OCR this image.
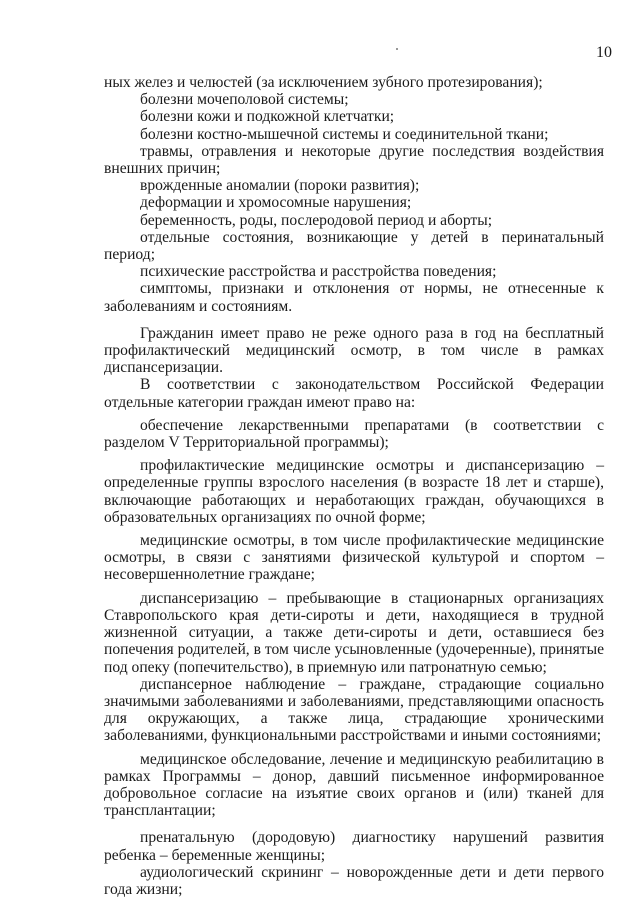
10

ных желез и челюстей (за исключением зубного протезирования);

болезни мочеполовой системы;

болезни кожи и подкожной клетчатки;

болезни костно-мышечной системы и соединительной ткани;

травмы, отравления и некоторые другие последствия воздействия внешних причин;

врожденные аномалии (пороки развития);

деформации и хромосомные нарушения;

беременность, роды, послеродовой период и аборты;

отдельные состояния, возникающие у детей в перинатальный период;

психические расстройства и расстройства поведения;

симптомы, признаки и отклонения от нормы, не отнесенные к заболеваниям и состояниям.

Гражданин имеет право не реже одного раза в год на бесплатный профилактический медицинский осмотр, в том числе в рамках диспансеризации.

В соответствии с законодательством Российской Федерации отдельные категории граждан имеют право на:

обеспечение лекарственными препаратами (в соответствии с разделом V Территориальной программы);

профилактические медицинские осмотры и диспансеризацию – определенные группы взрослого населения (в возрасте 18 лет и старше), включающие работающих и неработающих граждан, обучающихся в образовательных организациях по очной форме;

медицинские осмотры, в том числе профилактические медицинские осмотры, в связи с занятиями физической культурой и спортом – несовершеннолетние граждане;

диспансеризацию – пребывающие в стационарных организациях Ставропольского края дети-сироты и дети, находящиеся в трудной жизненной ситуации, а также дети-сироты и дети, оставшиеся без попечения родителей, в том числе усыновленные (удочеренные), принятые под опеку (попечительство), в приемную или патронатную семью;

диспансерное наблюдение – граждане, страдающие социально значимыми заболеваниями и заболеваниями, представляющими опасность для окружающих, а также лица, страдающие хроническими заболеваниями, функциональными расстройствами и иными состояниями;

медицинское обследование, лечение и медицинскую реабилитацию в рамках Программы – донор, давший письменное информированное добровольное согласие на изъятие своих органов и (или) тканей для трансплантации;

пренатальную (дородовую) диагностику нарушений развития ребенка – беременные женщины;

аудиологический скрининг – новорожденные дети и дети первого года жизни;
